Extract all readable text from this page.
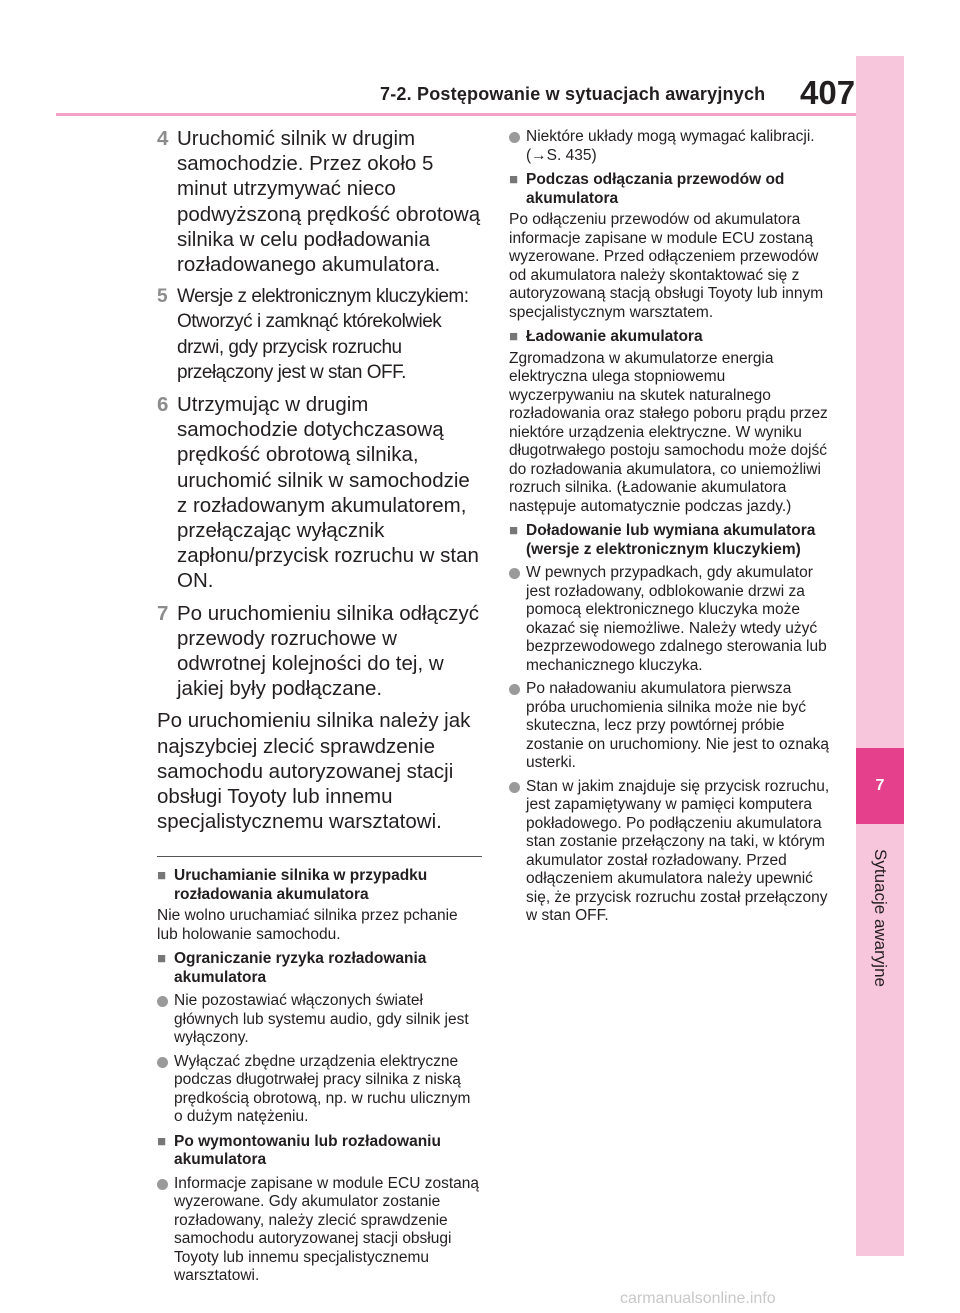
7
Sytuacje awaryjne
7-2. Postępowanie w sytuacjach awaryjnych 407
4 Uruchomić silnik w drugim samochodzie. Przez około 5 minut utrzymywać nieco podwyższoną prędkość obrotową silnika w celu podładowania rozładowanego akumulatora.
5 Wersje z elektronicznym kluczykiem: Otworzyć i zamknąć którekolwiek drzwi, gdy przycisk rozruchu przełączony jest w stan OFF.
6 Utrzymując w drugim samochodzie dotychczasową prędkość obrotową silnika, uruchomić silnik w samochodzie z rozładowanym akumulatorem, przełączając wyłącznik zapłonu/przycisk rozruchu w stan ON.
7 Po uruchomieniu silnika odłączyć przewody rozruchowe w odwrotnej kolejności do tej, w jakiej były podłączane.
Po uruchomieniu silnika należy jak najszybciej zlecić sprawdzenie samochodu autoryzowanej stacji obsługi Toyoty lub innemu specjalistycznemu warsztatowi.
■ Uruchamianie silnika w przypadku rozładowania akumulatora
Nie wolno uruchamiać silnika przez pchanie lub holowanie samochodu.
■ Ograniczanie ryzyka rozładowania akumulatora
Nie pozostawiać włączonych świateł głównych lub systemu audio, gdy silnik jest wyłączony.
Wyłączać zbędne urządzenia elektryczne podczas długotrwałej pracy silnika z niską prędkością obrotową, np. w ruchu ulicznym o dużym natężeniu.
■ Po wymontowaniu lub rozładowaniu akumulatora
Informacje zapisane w module ECU zostaną wyzerowane. Gdy akumulator zostanie rozładowany, należy zlecić sprawdzenie samochodu autoryzowanej stacji obsługi Toyoty lub innemu specjalistycznemu warsztatowi.
Niektóre układy mogą wymagać kalibracji. (→S. 435)
■ Podczas odłączania przewodów od akumulatora
Po odłączeniu przewodów od akumulatora informacje zapisane w module ECU zostaną wyzerowane. Przed odłączeniem przewodów od akumulatora należy skontaktować się z autoryzowaną stacją obsługi Toyoty lub innym specjalistycznym warsztatem.
■ Ładowanie akumulatora
Zgromadzona w akumulatorze energia elektryczna ulega stopniowemu wyczerpywaniu na skutek naturalnego rozładowania oraz stałego poboru prądu przez niektóre urządzenia elektryczne. W wyniku długotrwałego postoju samochodu może dojść do rozładowania akumulatora, co uniemożliwi rozruch silnika. (Ładowanie akumulatora następuje automatycznie podczas jazdy.)
■ Doładowanie lub wymiana akumulatora (wersje z elektronicznym kluczykiem)
W pewnych przypadkach, gdy akumulator jest rozładowany, odblokowanie drzwi za pomocą elektronicznego kluczyka może okazać się niemożliwe. Należy wtedy użyć bezprzewodowego zdalnego sterowania lub mechanicznego kluczyka.
Po naładowaniu akumulatora pierwsza próba uruchomienia silnika może nie być skuteczna, lecz przy powtórnej próbie zostanie on uruchomiony. Nie jest to oznaką usterki.
Stan w jakim znajduje się przycisk rozruchu, jest zapamiętywany w pamięci komputera pokładowego. Po podłączeniu akumulatora stan zostanie przełączony na taki, w którym akumulator został rozładowany. Przed odłączeniem akumulatora należy upewnić się, że przycisk rozruchu został przełączony w stan OFF.
carmanualsonline.info
